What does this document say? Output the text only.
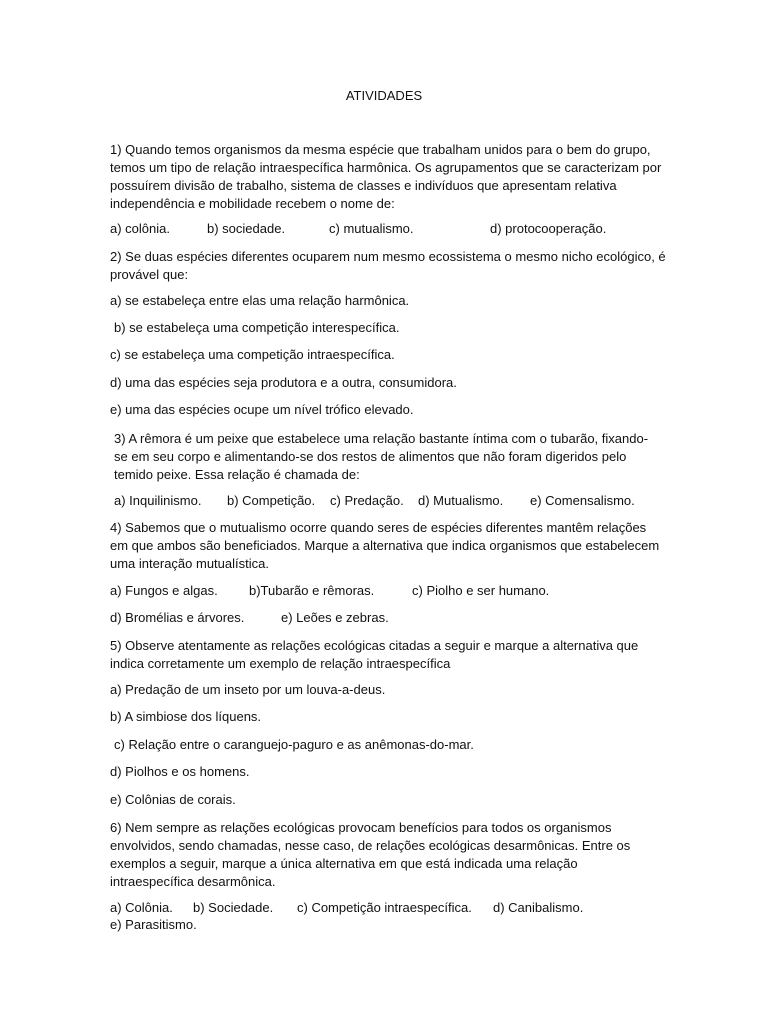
ATIVIDADES
1) Quando temos organismos da mesma espécie que trabalham unidos para o bem do grupo, temos um tipo de relação intraespecífica harmônica. Os agrupamentos que se caracterizam por possuírem divisão de trabalho, sistema de classes e indivíduos que apresentam relativa independência e mobilidade recebem o nome de:
a) colônia.	b) sociedade.	c) mutualismo.	d) protocooperação.
2) Se duas espécies diferentes ocuparem num mesmo ecossistema o mesmo nicho ecológico, é provável que:
a) se estabeleça entre elas uma relação harmônica.
b) se estabeleça uma competição interespecífica.
c) se estabeleça uma competição intraespecífica.
d) uma das espécies seja produtora e a outra, consumidora.
e) uma das espécies ocupe um nível trófico elevado.
3) A rêmora é um peixe que estabelece uma relação bastante íntima com o tubarão, fixando-se em seu corpo e alimentando-se dos restos de alimentos que não foram digeridos pelo temido peixe. Essa relação é chamada de:
a) Inquilinismo. b) Competição. c) Predação. d) Mutualismo. e) Comensalismo.
4) Sabemos que o mutualismo ocorre quando seres de espécies diferentes mantêm relações em que ambos são beneficiados. Marque a alternativa que indica organismos que estabelecem uma interação mutualística.
a) Fungos e algas. b)Tubarão e rêmoras.	c) Piolho e ser humano.
d) Bromélias e árvores.	e) Leões e zebras.
5) Observe atentamente as relações ecológicas citadas a seguir e marque a alternativa que indica corretamente um exemplo de relação intraespecífica
a) Predação de um inseto por um louva-a-deus.
b) A simbiose dos líquens.
c) Relação entre o caranguejo-paguro e as anêmonas-do-mar.
d) Piolhos e os homens.
e) Colônias de corais.
6) Nem sempre as relações ecológicas provocam benefícios para todos os organismos envolvidos, sendo chamadas, nesse caso, de relações ecológicas desarmônicas. Entre os exemplos a seguir, marque a única alternativa em que está indicada uma relação intraespecífica desarmônica.
a) Colônia. b) Sociedade. c) Competição intraespecífica. d) Canibalismo.
e) Parasitismo.
